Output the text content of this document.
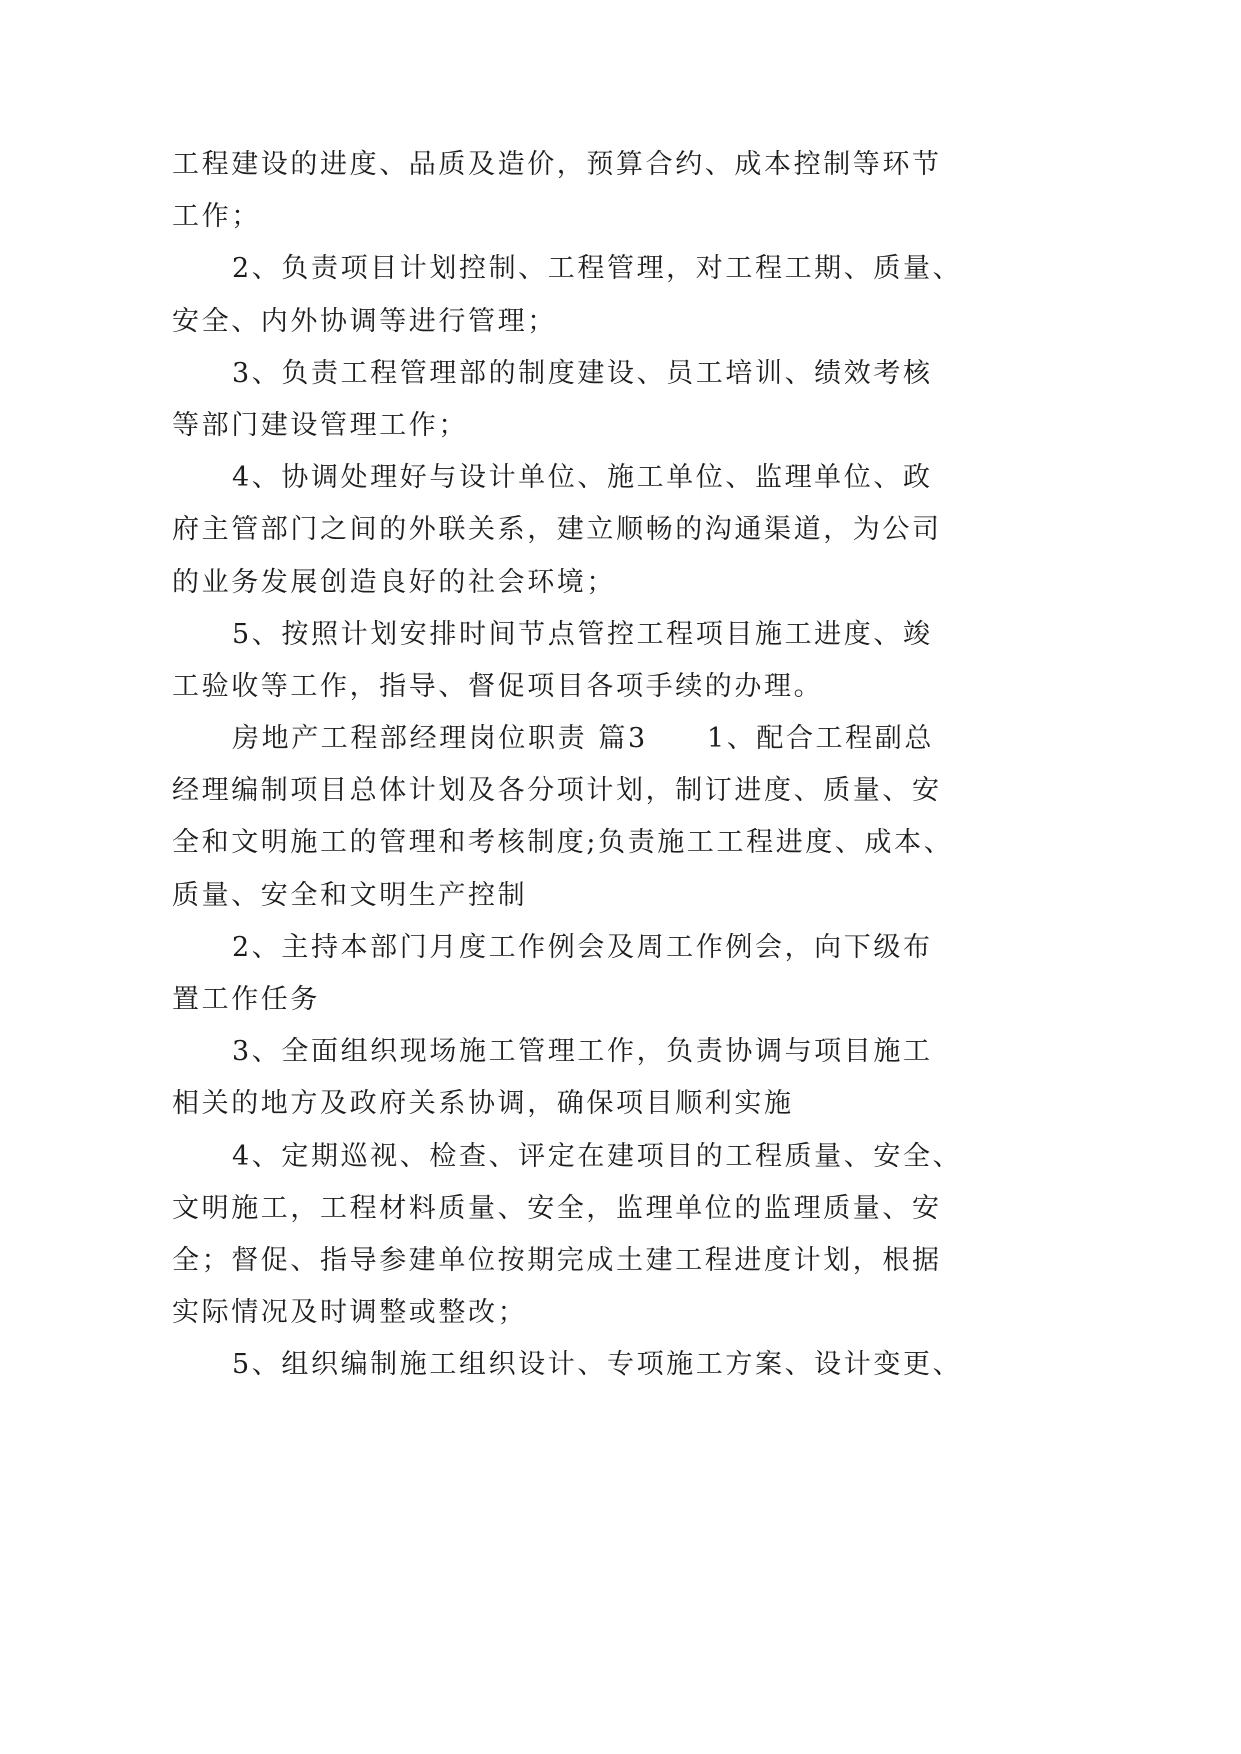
工程建设的进度、品质及造价，预算合约、成本控制等环节
工作；
2、负责项目计划控制、工程管理，对工程工期、质量、
安全、内外协调等进行管理；
3、负责工程管理部的制度建设、员工培训、绩效考核
等部门建设管理工作；
4、协调处理好与设计单位、施工单位、监理单位、政
府主管部门之间的外联关系，建立顺畅的沟通渠道，为公司
的业务发展创造良好的社会环境；
5、按照计划安排时间节点管控工程项目施工进度、竣
工验收等工作，指导、督促项目各项手续的办理。
房地产工程部经理岗位职责 篇3　　1、配合工程副总
经理编制项目总体计划及各分项计划，制订进度、质量、安
全和文明施工的管理和考核制度;负责施工工程进度、成本、
质量、安全和文明生产控制
2、主持本部门月度工作例会及周工作例会，向下级布
置工作任务
3、全面组织现场施工管理工作，负责协调与项目施工
相关的地方及政府关系协调，确保项目顺利实施
4、定期巡视、检查、评定在建项目的工程质量、安全、
文明施工，工程材料质量、安全，监理单位的监理质量、安
全；督促、指导参建单位按期完成土建工程进度计划，根据
实际情况及时调整或整改；
5、组织编制施工组织设计、专项施工方案、设计变更、
